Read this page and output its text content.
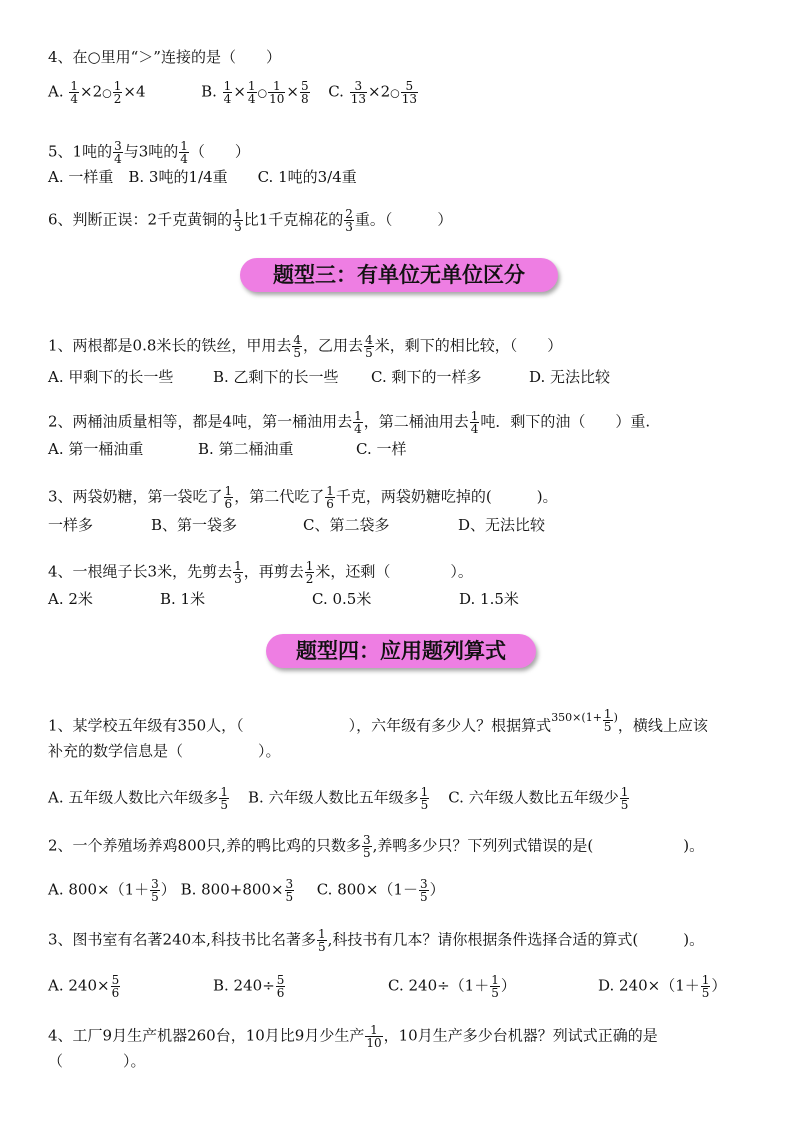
4、在○里用“＞”连接的是（　　）
A. $\frac{1}{4}$ ×2○ $\frac{1}{2} \times 4$	B. $\frac{1}{4} \times \frac{1}{4}$ ○ $\frac{1}{10} \times \frac{5}{8} C$. $\frac{3}{13}$ ×2○ $\frac{5}{13}$
5、1吨的 $\frac{3}{4}$ 与3吨的 $\frac{1}{4}$ （　　）
A. 一样重　B. 3吨的1/4重　　C. 1吨的3/4重
6、判断正误：2千克黄铜的 $\frac{1}{3}$ 比1千克棉花的 $\frac{2}{3}$ 重。（　　　）
题型三：有单位无单位区分
1、两根都是0.8米长的铁丝，甲用去 $\frac{4}{5}$ ，乙用去 $\frac{4}{5}$ 米，剩下的相比较，（　　）
A. 甲剩下的长一些	B. 乙剩下的长一些 C. 剩下的一样多	D. 无法比较
2、两桶油质量相等，都是4吨，第一桶油用去 $\frac{1}{4}$ ，第二桶油用去 $\frac{1}{4}$ 吨．剩下的油（　　）重.
A. 第一桶油重	B. 第二桶油重	C. 一样
3、两袋奶糖，第一袋吃了 $\frac{1}{6}$ ，第二代吃了 $\frac{1}{6}$ 千克，两袋奶糖吃掉的(　　　)。
一样多	B、第一袋多	C、第二袋多	D、无法比较
4、一根绳子长3米，先剪去 $\frac{1}{3}$ ，再剪去 $\frac{1}{2}$ 米，还剩（　　　　）。
A. 2米	B. 1米	C. 0.5米	D. 1.5米
题型四：应用题列算式
1、某学校五年级有350人，（　　　　　　　），六年级有多少人？根据算式$^{350\times(1+} \frac{1}{5} ^)$，横线上应该
补充的数学信息是（　　　　　）。
A. 五年级人数比六年级多 $\frac{1}{5} B$. 六年级人数比五年级多 $\frac{1}{5} C$. 六年级人数比五年级少 $\frac{1}{5}$
2、一个养殖场养鸡800只,养的鸭比鸡的只数多 $\frac{3}{5}$ ,养鸭多少只？下列列式错误的是(　　　　　　)。
A. $800\times(1+ \frac{3}{5}$ ） B. $800+800\times \frac{3}{5} C$. $800\times(1- \frac{3}{5}$ ）
3、图书室有名著240本,科技书比名著多 $\frac{1}{5}$ ,科技书有几本？请你根据条件选择合适的算式(　　　)。
A. $240\times \frac{5}{6}$	B. $240\div \frac{5}{6}$	C. $240\div(1+ \frac{1}{5}$ ）	D. $240\times(1+ \frac{1}{5}$ ）
4、工厂9月生产机器260台，10月比9月少生产 $\frac{1}{10}$ ，10月生产多少台机器？列试式正确的是
（　　　　）。
